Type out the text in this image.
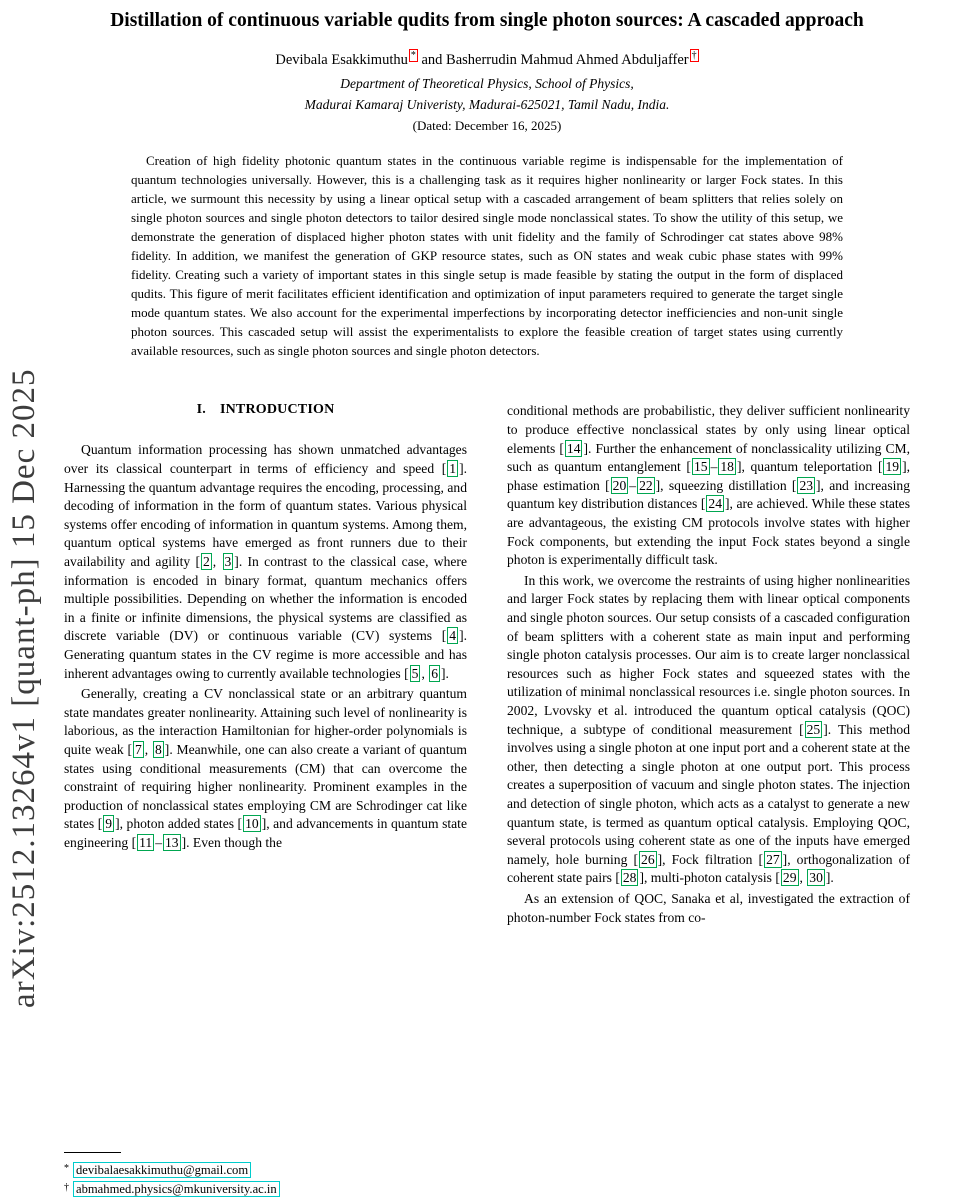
arXiv:2512.13264v1 [quant-ph] 15 Dec 2025
Distillation of continuous variable qudits from single photon sources: A cascaded approach
Devibala Esakkimuthu * and Basherrudin Mahmud Ahmed Abduljaffer †
Department of Theoretical Physics, School of Physics,
Madurai Kamaraj Univeristy, Madurai-625021, Tamil Nadu, India.
(Dated: December 16, 2025)
Creation of high fidelity photonic quantum states in the continuous variable regime is indispensable for the implementation of quantum technologies universally. However, this is a challenging task as it requires higher nonlinearity or larger Fock states. In this article, we surmount this necessity by using a linear optical setup with a cascaded arrangement of beam splitters that relies solely on single photon sources and single photon detectors to tailor desired single mode nonclassical states. To show the utility of this setup, we demonstrate the generation of displaced higher photon states with unit fidelity and the family of Schrodinger cat states above 98% fidelity. In addition, we manifest the generation of GKP resource states, such as ON states and weak cubic phase states with 99% fidelity. Creating such a variety of important states in this single setup is made feasible by stating the output in the form of displaced qudits. This figure of merit facilitates efficient identification and optimization of input parameters required to generate the target single mode quantum states. We also account for the experimental imperfections by incorporating detector inefficiencies and non-unit single photon sources. This cascaded setup will assist the experimentalists to explore the feasible creation of target states using currently available resources, such as single photon sources and single photon detectors.
I. INTRODUCTION

Quantum information processing has shown unmatched advantages over its classical counterpart in terms of efficiency and speed [ 1 ]. Harnessing the quantum advantage requires the encoding, processing, and decoding of information in the form of quantum states. Various physical systems offer encoding of information in quantum systems. Among them, quantum optical systems have emerged as front runners due to their availability and agility [ 2 , 3 ]. In contrast to the classical case, where information is encoded in binary format, quantum mechanics offers multiple possibilities. Depending on whether the information is encoded in a finite or infinite dimensions, the physical systems are classified as discrete variable (DV) or continuous variable (CV) systems [ 4 ]. Generating quantum states in the CV regime is more accessible and has inherent advantages owing to currently available technologies [ 5 , 6 ].

Generally, creating a CV nonclassical state or an arbitrary quantum state mandates greater nonlinearity. Attaining such level of nonlinearity is laborious, as the interaction Hamiltonian for higher-order polynomials is quite weak [ 7 , 8 ]. Meanwhile, one can also create a variant of quantum states using conditional measurements (CM) that can overcome the constraint of requiring higher nonlinearity. Prominent examples in the production of nonclassical states employing CM are Schrodinger cat like states [ 9 ], photon added states [ 10 ], and advancements in quantum state engineering [ 11 – 13 ]. Even though the

conditional methods are probabilistic, they deliver sufficient nonlinearity to produce effective nonclassical states by only using linear optical elements [ 14 ]. Further the enhancement of nonclassicality utilizing CM, such as quantum entanglement [ 15 – 18 ], quantum teleportation [ 19 ], phase estimation [ 20 – 22 ], squeezing distillation [ 23 ], and increasing quantum key distribution distances [ 24 ], are achieved. While these states are advantageous, the existing CM protocols involve states with higher Fock components, but extending the input Fock states beyond a single photon is experimentally difficult task.

In this work, we overcome the restraints of using higher nonlinearities and larger Fock states by replacing them with linear optical components and single photon sources. Our setup consists of a cascaded configuration of beam splitters with a coherent state as main input and performing single photon catalysis processes. Our aim is to create larger nonclassical resources such as higher Fock states and squeezed states with the utilization of minimal nonclassical resources i.e. single photon sources. In 2002, Lvovsky et al. introduced the quantum optical catalysis (QOC) technique, a subtype of conditional measurement [ 25 ]. This method involves using a single photon at one input port and a coherent state at the other, then detecting a single photon at one output port. This process creates a superposition of vacuum and single photon states. The injection and detection of single photon, which acts as a catalyst to generate a new quantum state, is termed as quantum optical catalysis. Employing QOC, several protocols using coherent state as one of the inputs have emerged namely, hole burning [ 26 ], Fock filtration [ 27 ], orthogonalization of coherent state pairs [ 28 ], multi-photon catalysis [ 29 , 30 ].

As an extension of QOC, Sanaka et al, investigated the extraction of photon-number Fock states from co-

* devibalaesakkimuthu@gmail.com
† abmahmed.physics@mkuniversity.ac.in
